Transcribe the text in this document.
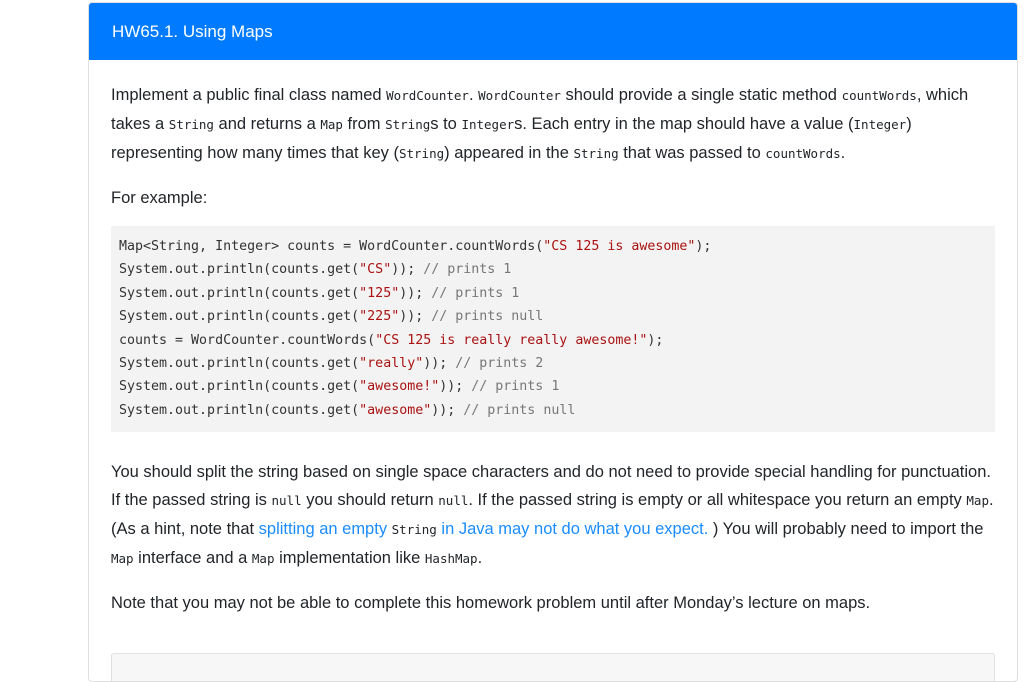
HW65.1. Using Maps

Implement a public final class named WordCounter. WordCounter should provide a single static method countWords, which takes a String and returns a Map from Strings to Integers. Each entry in the map should have a value (Integer) representing how many times that key (String) appeared in the String that was passed to countWords.

For example:

Map<String, Integer> counts = WordCounter.countWords("CS 125 is awesome");
System.out.println(counts.get("CS")); // prints 1
System.out.println(counts.get("125")); // prints 1
System.out.println(counts.get("225")); // prints null
counts = WordCounter.countWords("CS 125 is really really awesome!");
System.out.println(counts.get("really")); // prints 2
System.out.println(counts.get("awesome!")); // prints 1
System.out.println(counts.get("awesome")); // prints null

You should split the string based on single space characters and do not need to provide special handling for punctuation. If the passed string is null you should return null. If the passed string is empty or all whitespace you return an empty Map. (As a hint, note that splitting an empty String in Java may not do what you expect. ) You will probably need to import the Map interface and a Map implementation like HashMap.

Note that you may not be able to complete this homework problem until after Monday’s lecture on maps.
